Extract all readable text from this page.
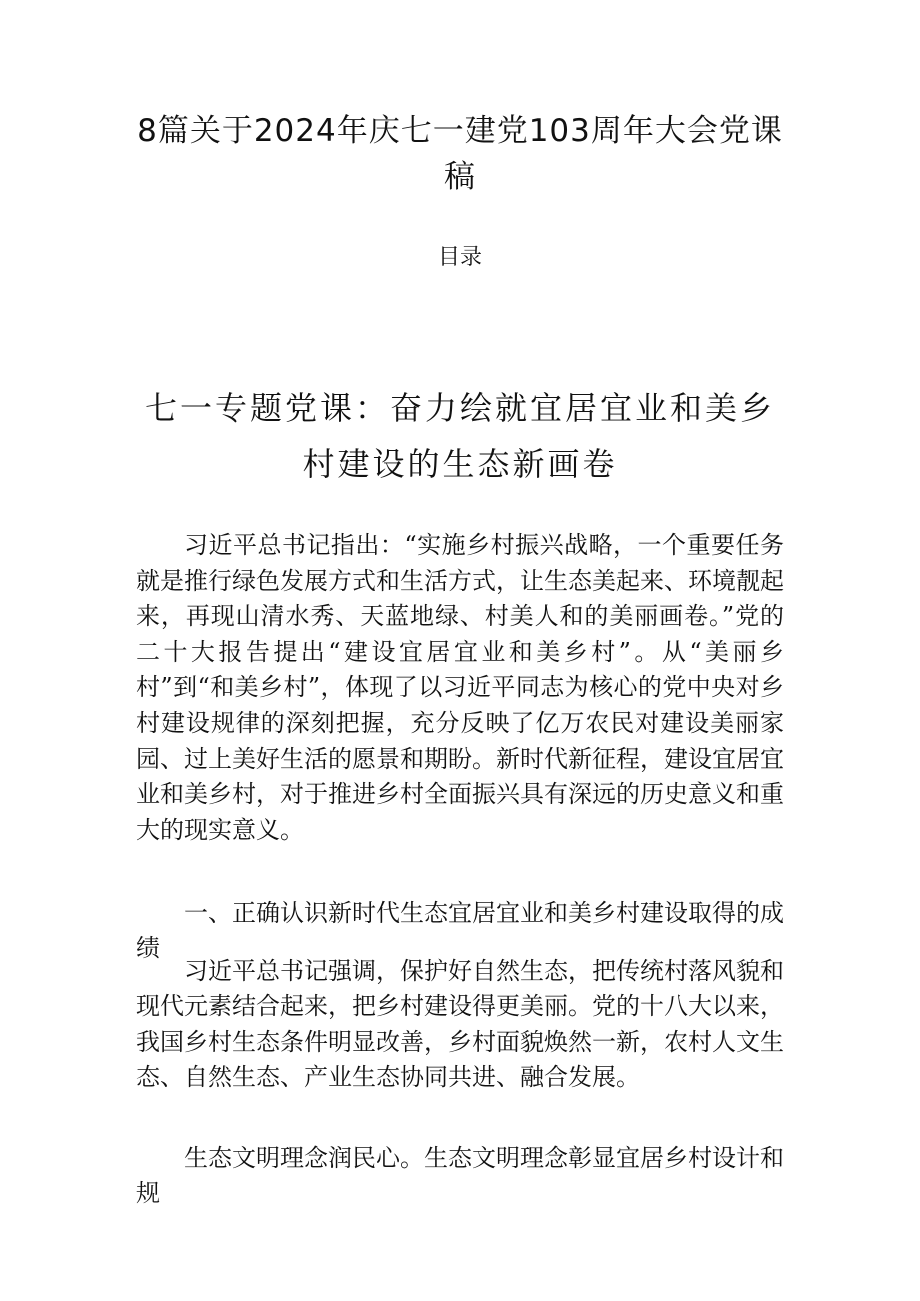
8篇关于2024年庆七一建党103周年大会党课稿
目录
七一专题党课：奋力绘就宜居宜业和美乡村建设的生态新画卷

习近平总书记指出：“实施乡村振兴战略，一个重要任务就是推行绿色发展方式和生活方式，让生态美起来、环境靓起来，再现山清水秀、天蓝地绿、村美人和的美丽画卷。”党的二十大报告提出“建设宜居宜业和美乡村”。从“美丽乡村”到“和美乡村”，体现了以习近平同志为核心的党中央对乡村建设规律的深刻把握，充分反映了亿万农民对建设美丽家园、过上美好生活的愿景和期盼。新时代新征程，建设宜居宜业和美乡村，对于推进乡村全面振兴具有深远的历史意义和重大的现实意义。

一、正确认识新时代生态宜居宜业和美乡村建设取得的成绩

习近平总书记强调，保护好自然生态，把传统村落风貌和现代元素结合起来，把乡村建设得更美丽。党的十八大以来，我国乡村生态条件明显改善，乡村面貌焕然一新，农村人文生态、自然生态、产业生态协同共进、融合发展。

生态文明理念润民心。生态文明理念彰显宜居乡村设计和规
